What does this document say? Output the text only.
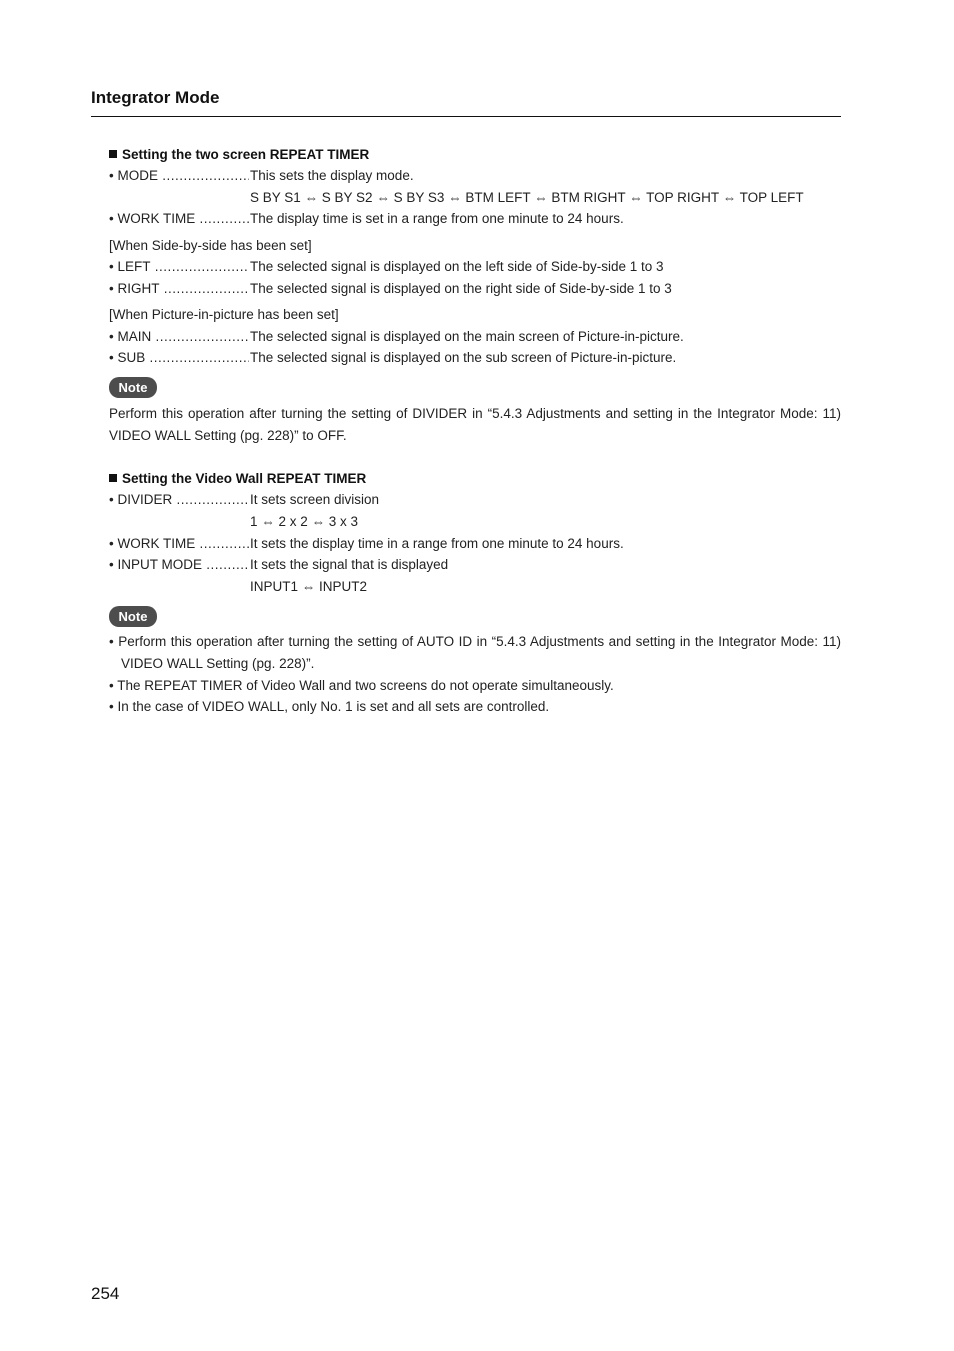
Integrator Mode
Setting the two screen REPEAT TIMER
• MODE .....	This sets the display mode.
S BY S1 ⇔ S BY S2 ⇔ S BY S3 ⇔ BTM LEFT ⇔ BTM RIGHT ⇔ TOP RIGHT ⇔ TOP LEFT
• WORK TIME .....	The display time is set in a range from one minute to 24 hours.
[When Side-by-side has been set]
• LEFT .....	The selected signal is displayed on the left side of Side-by-side 1 to 3
• RIGHT .....	The selected signal is displayed on the right side of Side-by-side 1 to 3
[When Picture-in-picture has been set]
• MAIN .....	The selected signal is displayed on the main screen of Picture-in-picture.
• SUB .....	The selected signal is displayed on the sub screen of Picture-in-picture.
Note
Perform this operation after turning the setting of DIVIDER in “5.4.3 Adjustments and setting in the Integrator Mode: 11) VIDEO WALL Setting (pg. 228)” to OFF.
Setting the Video Wall REPEAT TIMER
• DIVIDER .....	It sets screen division
1 ⇔ 2 x 2 ⇔ 3 x 3
• WORK TIME .....	It sets the display time in a range from one minute to 24 hours.
• INPUT MODE .....	It sets the signal that is displayed
INPUT1 ⇔ INPUT2
Note
• Perform this operation after turning the setting of AUTO ID in “5.4.3 Adjustments and setting in the Integrator Mode: 11) VIDEO WALL Setting (pg. 228)”.
• The REPEAT TIMER of Video Wall and two screens do not operate simultaneously.
• In the case of VIDEO WALL, only No. 1 is set and all sets are controlled.
254
